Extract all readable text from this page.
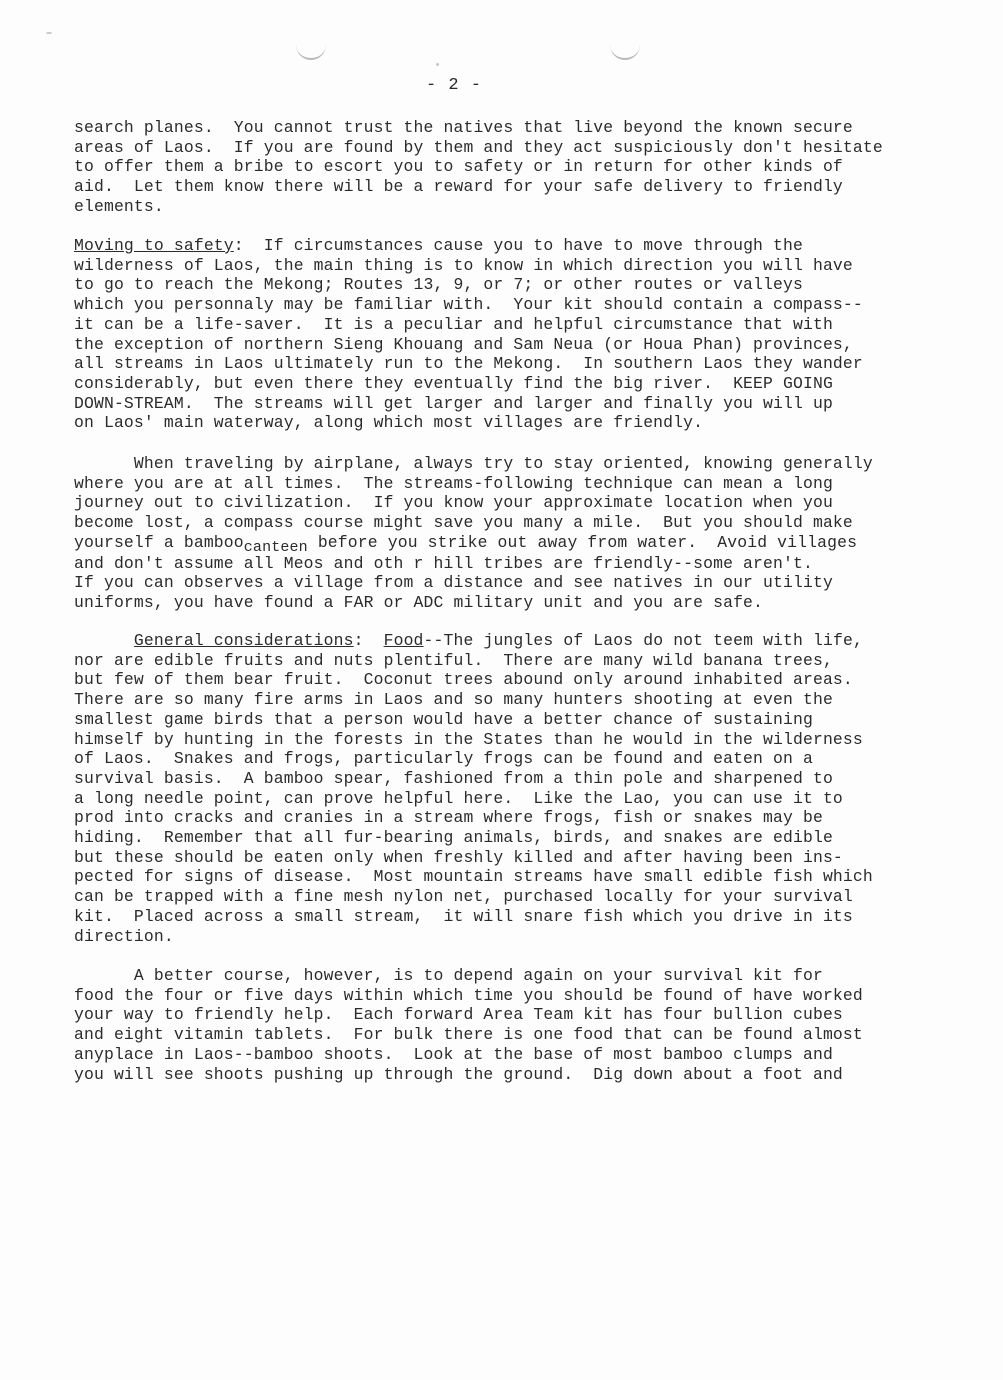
- 2 -
search planes.  You cannot trust the natives that live beyond the known secure
areas of Laos.  If you are found by them and they act suspiciously don't hesitate
to offer them a bribe to escort you to safety or in return for other kinds of
aid.  Let them know there will be a reward for your safe delivery to friendly
elements.
Moving to safety:  If circumstances cause you to have to move through the
wilderness of Laos, the main thing is to know in which direction you will have
to go to reach the Mekong; Routes 13, 9, or 7; or other routes or valleys
which you personnaly may be familiar with.  Your kit should contain a compass--
it can be a life-saver.  It is a peculiar and helpful circumstance that with
the exception of northern Sieng Khouang and Sam Neua (or Houa Phan) provinces,
all streams in Laos ultimately run to the Mekong.  In southern Laos they wander
considerably, but even there they eventually find the big river.  KEEP GOING
DOWN-STREAM.  The streams will get larger and larger and finally you will up
on Laos' main waterway, along which most villages are friendly.
When traveling by airplane, always try to stay oriented, knowing generally
where you are at all times.  The streams-following technique can mean a long
journey out to civilization.  If you know your approximate location when you
become lost, a compass course might save you many a mile.  But you should make
yourself a bamboocanteen before you strike out away from water.  Avoid villages
and don't assume all Meos and oth r hill tribes are friendly--some aren't.
If you can observes a village from a distance and see natives in our utility
uniforms, you have found a FAR or ADC military unit and you are safe.
General considerations:  Food--The jungles of Laos do not teem with life,
nor are edible fruits and nuts plentiful.  There are many wild banana trees,
but few of them bear fruit.  Coconut trees abound only around inhabited areas.
There are so many fire arms in Laos and so many hunters shooting at even the
smallest game birds that a person would have a better chance of sustaining
himself by hunting in the forests in the States than he would in the wilderness
of Laos.  Snakes and frogs, particularly frogs can be found and eaten on a
survival basis.  A bamboo spear, fashioned from a thin pole and sharpened to
a long needle point, can prove helpful here.  Like the Lao, you can use it to
prod into cracks and cranies in a stream where frogs, fish or snakes may be
hiding.  Remember that all fur-bearing animals, birds, and snakes are edible
but these should be eaten only when freshly killed and after having been ins-
pected for signs of disease.  Most mountain streams have small edible fish which
can be trapped with a fine mesh nylon net, purchased locally for your survival
kit.  Placed across a small stream,  it will snare fish which you drive in its
direction.
A better course, however, is to depend again on your survival kit for
food the four or five days within which time you should be found of have worked
your way to friendly help.  Each forward Area Team kit has four bullion cubes
and eight vitamin tablets.  For bulk there is one food that can be found almost
anyplace in Laos--bamboo shoots.  Look at the base of most bamboo clumps and
you will see shoots pushing up through the ground.  Dig down about a foot and
